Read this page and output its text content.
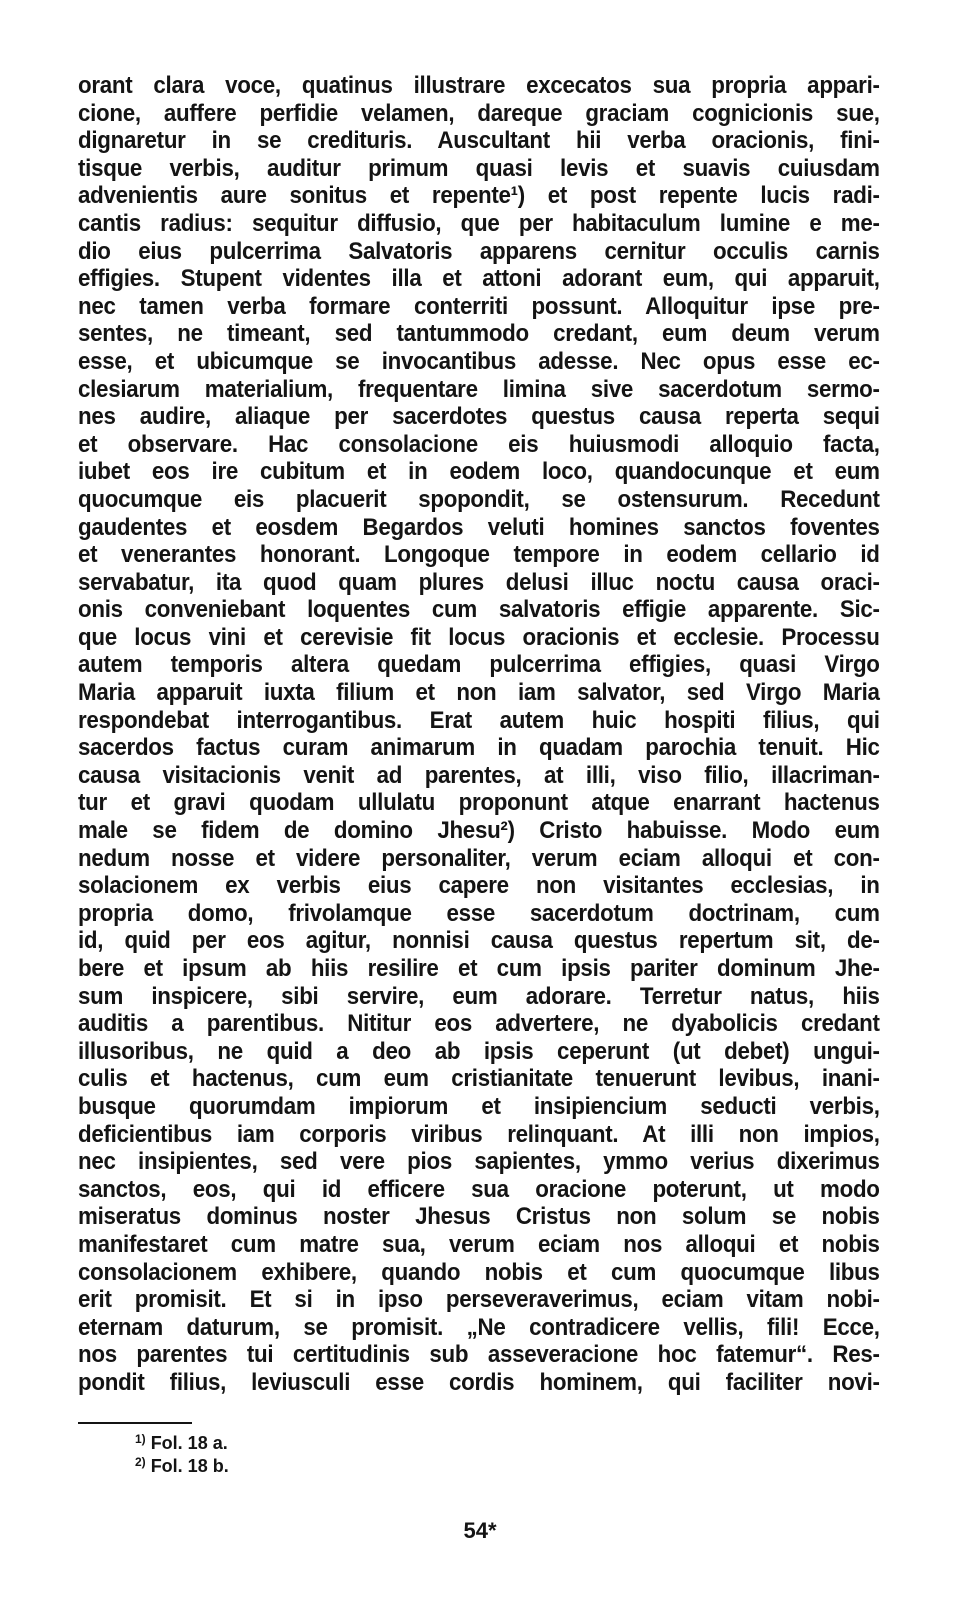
orant clara voce, quatinus illustrare excecatos sua propria appari-
cione, auffere perfidie velamen, dareque graciam cognicionis sue,
dignaretur in se credituris. Auscultant hii verba oracionis, fini-
tisque verbis, auditur primum quasi levis et suavis cuiusdam
advenientis aure sonitus et repente¹) et post repente lucis radi-
cantis radius: sequitur diffusio, que per habitaculum lumine e me-
dio eius pulcerrima Salvatoris apparens cernitur occulis carnis
effigies. Stupent videntes illa et attoni adorant eum, qui apparuit,
nec tamen verba formare conterriti possunt. Alloquitur ipse pre-
sentes, ne timeant, sed tantummodo credant, eum deum verum
esse, et ubicumque se invocantibus adesse. Nec opus esse ec-
clesiarum materialium, frequentare limina sive sacerdotum sermo-
nes audire, aliaque per sacerdotes questus causa reperta sequi
et observare. Hac consolacione eis huiusmodi alloquio facta,
iubet eos ire cubitum et in eodem loco, quandocunque et eum
quocumque eis placuerit spopondit, se ostensurum. Recedunt
gaudentes et eosdem Begardos veluti homines sanctos foventes
et venerantes honorant. Longoque tempore in eodem cellario id
servabatur, ita quod quam plures delusi illuc noctu causa oraci-
onis conveniebant loquentes cum salvatoris effigie apparente. Sic-
que locus vini et cerevisie fit locus oracionis et ecclesie. Processu
autem temporis altera quedam pulcerrima effigies, quasi Virgo
Maria apparuit iuxta filium et non iam salvator, sed Virgo Maria
respondebat interrogantibus. Erat autem huic hospiti filius, qui
sacerdos factus curam animarum in quadam parochia tenuit. Hic
causa visitacionis venit ad parentes, at illi, viso filio, illacriman-
tur et gravi quodam ullulatu proponunt atque enarrant hactenus
male se fidem de domino Jhesu²) Cristo habuisse. Modo eum
nedum nosse et videre personaliter, verum eciam alloqui et con-
solacionem ex verbis eius capere non visitantes ecclesias, in
propria domo, frivolamque esse sacerdotum doctrinam, cum
id, quid per eos agitur, nonnisi causa questus repertum sit, de-
bere et ipsum ab hiis resilire et cum ipsis pariter dominum Jhe-
sum inspicere, sibi servire, eum adorare. Terretur natus, hiis
auditis a parentibus. Nititur eos advertere, ne dyabolicis credant
illusoribus, ne quid a deo ab ipsis ceperunt (ut debet) ungui-
culis et hactenus, cum eum cristianitate tenuerunt levibus, inani-
busque quorumdam impiorum et insipiencium seducti verbis,
deficientibus iam corporis viribus relinquant. At illi non impios,
nec insipientes, sed vere pios sapientes, ymmo verius dixerimus
sanctos, eos, qui id efficere sua oracione poterunt, ut modo
miseratus dominus noster Jhesus Cristus non solum se nobis
manifestaret cum matre sua, verum eciam nos alloqui et nobis
consolacionem exhibere, quando nobis et cum quocumque libus
erit promisit. Et si in ipso perseveraverimus, eciam vitam nobi-
eternam daturum, se promisit. „Ne contradicere vellis, fili! Ecce,
nos parentes tui certitudinis sub asseveracione hoc fatemur“. Res-
pondit filius, leviusculi esse cordis hominem, qui faciliter novi-
$^{1)}$ Fol. 18 a.
$^{2)}$ Fol. 18 b.
54*
